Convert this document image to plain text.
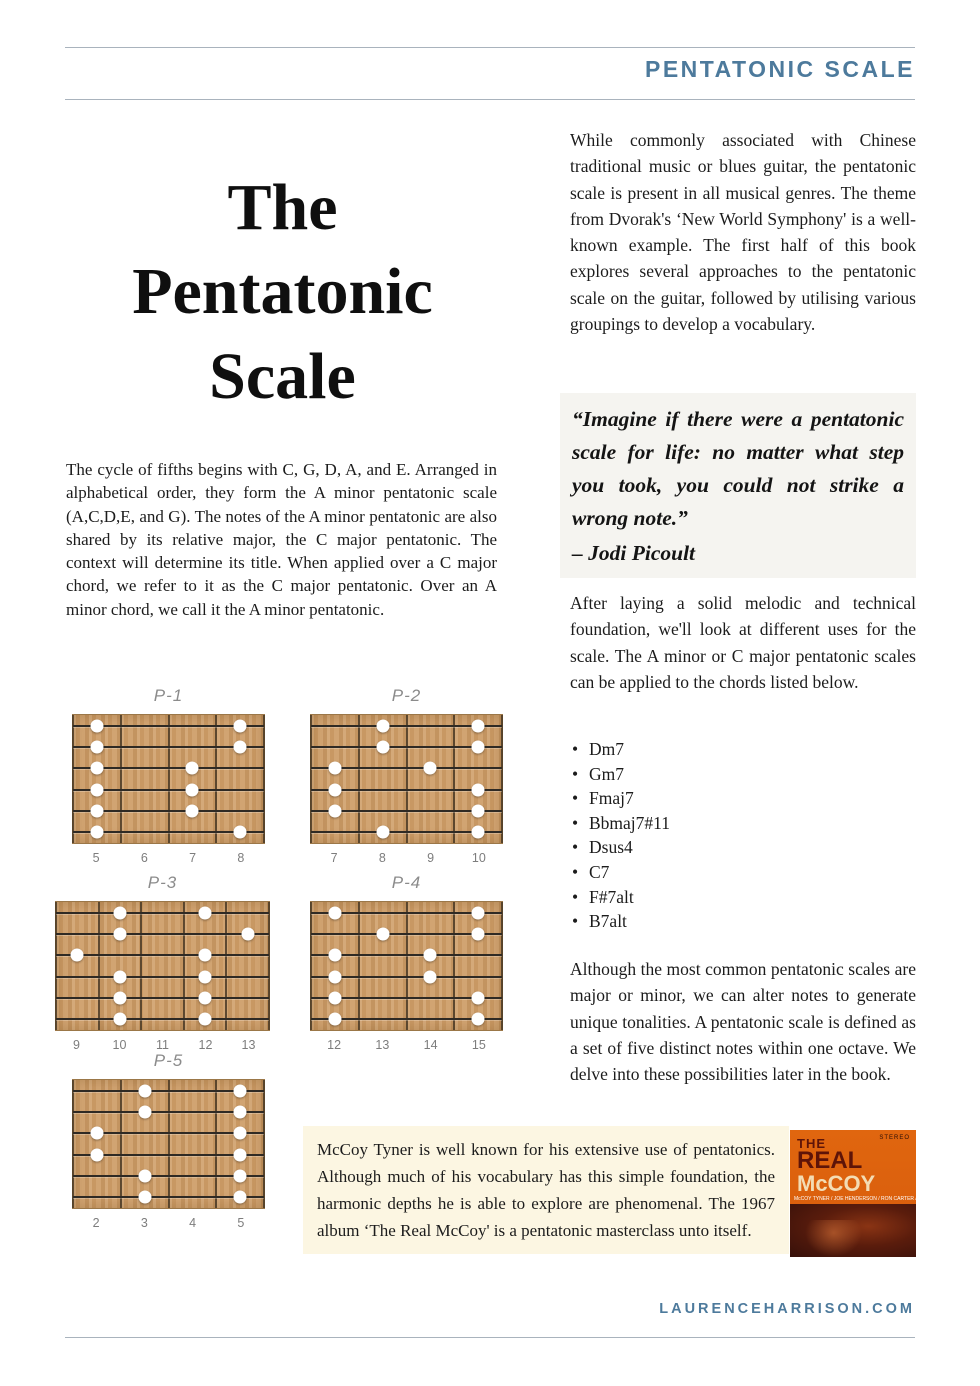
PENTATONIC SCALE
The
Pentatonic
Scale

The cycle of fifths begins with C, G, D, A, and E. Arranged in alphabetical order, they form the A minor pentatonic scale (A,C,D,E, and G). The notes of the A minor pentatonic are also shared by its relative major, the C major pentatonic. The context will determine its title. When applied over a C major chord, we refer to it as the C major pentatonic. Over an A minor chord, we call it the A minor pentatonic.

P-1
5	6	7	8
P-2
7	8	9	10
P-3
9	10	11	12	13
P-4
12	13	14	15
P-5
2	3	4	5

While commonly associated with Chinese traditional music or blues guitar, the pentatonic scale is present in all musical genres. The theme from Dvorak's ‘New World Symphony' is a well-known example. The first half of this book explores several approaches to the pentatonic scale on the guitar, followed by utilising various groupings to develop a vocabulary.

“Imagine if there were a pentatonic scale for life: no matter what step you took, you could not strike a wrong note.”
– Jodi Picoult

After laying a solid melodic and technical foundation, we'll look at different uses for the scale. The A minor or C major pentatonic scales can be applied to the chords listed below.

• Dm7
• Gm7
• Fmaj7
• Bbmaj7#11
• Dsus4
• C7
• F#7alt
• B7alt

Although the most common pentatonic scales are major or minor, we can alter notes to generate unique tonalities. A pentatonic scale is defined as a set of five distinct notes within one octave. We delve into these possibilities later in the book.

McCoy Tyner is well known for his extensive use of pentatonics. Although much of his vocabulary has this simple foundation, the harmonic depths he is able to explore are phenomenal. The 1967 album ‘The Real McCoy' is a pentatonic masterclass unto itself.

STEREO
THE
REAL
McCOY
McCOY TYNER / JOE HENDERSON / RON CARTER / ELVIN JONES
LAURENCEHARRISON.COM
